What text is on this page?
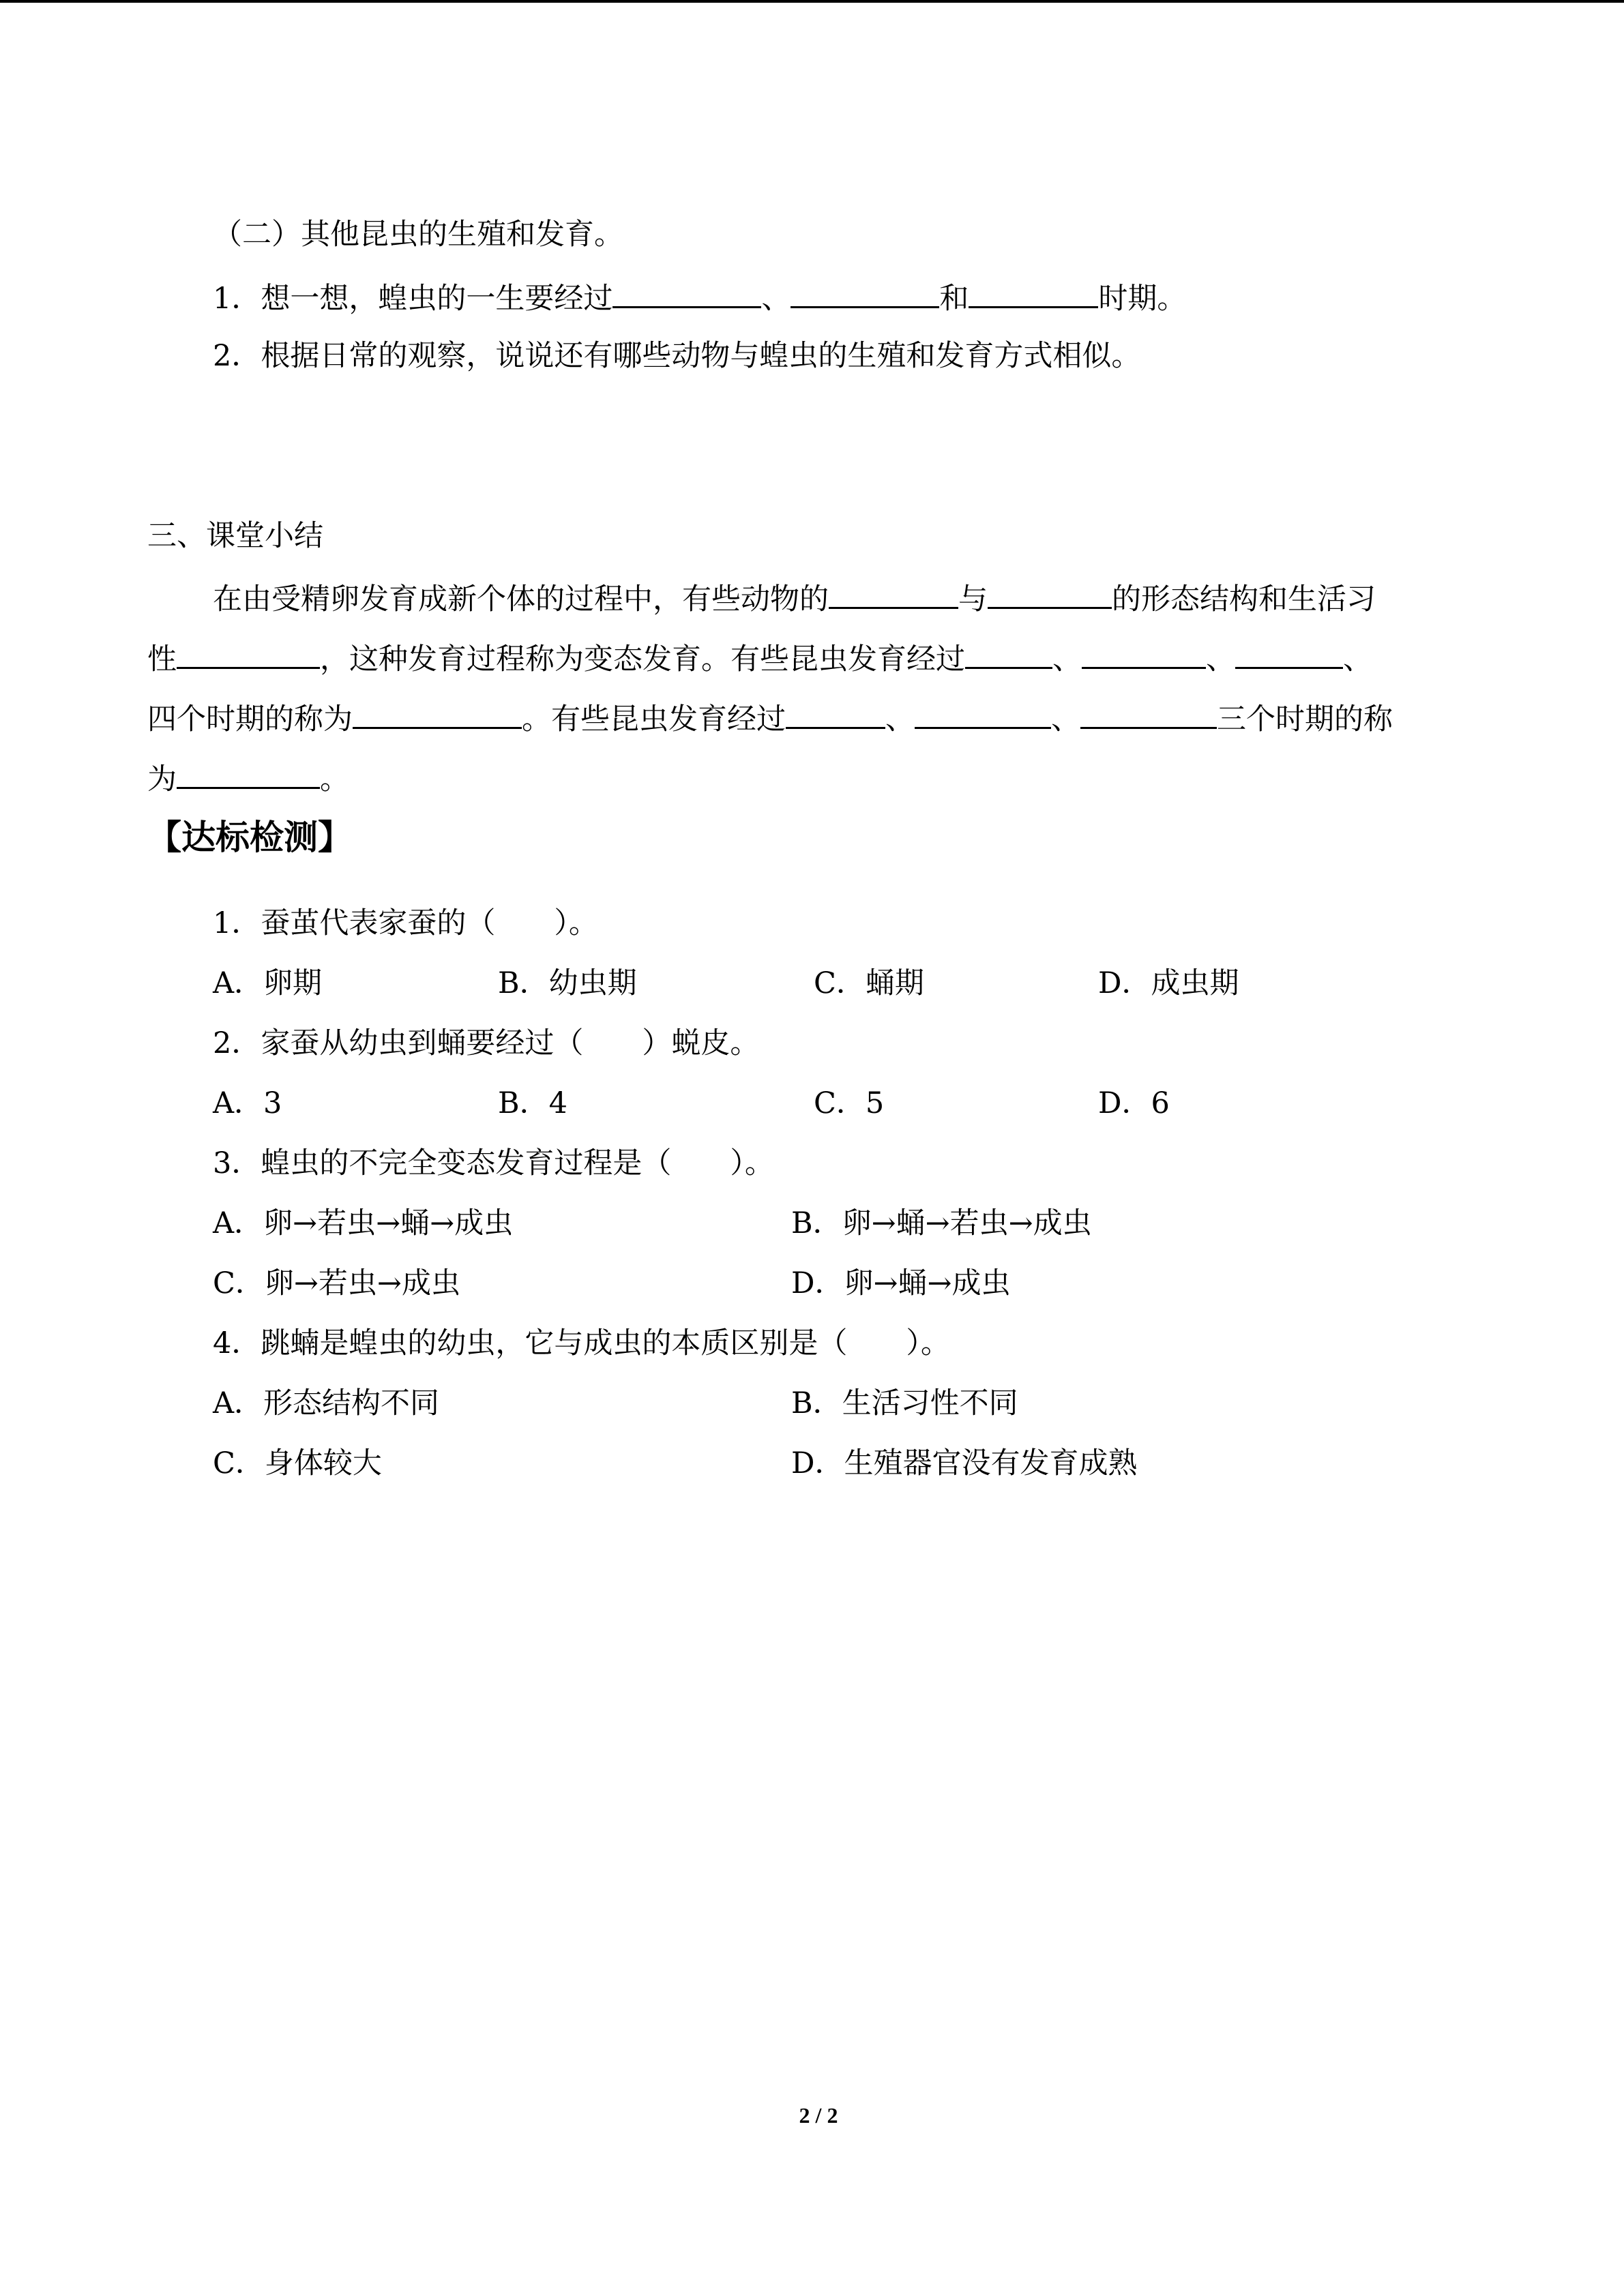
（二）其他昆虫的生殖和发育。
1．想一想，蝗虫的一生要经过	、	和	时期。
2．根据日常的观察，说说还有哪些动物与蝗虫的生殖和发育方式相似。
三、课堂小结
在由受精卵发育成新个体的过程中，有些动物的	与	的形态结构和生活习
性	，这种发育过程称为变态发育。有些昆虫发育经过	、	、	、
四个时期的称为	。有些昆虫发育经过	、	、	三个时期的称
为	。
【达标检测】
1．蚕茧代表家蚕的（　　）。
A．卵期	B．幼虫期	C．蛹期	D．成虫期
2．家蚕从幼虫到蛹要经过（　　）蜕皮。
A．3	B．4	C．5	D．6
3．蝗虫的不完全变态发育过程是（　　）。
A．卵→若虫→蛹→成虫	B．卵→蛹→若虫→成虫
C．卵→若虫→成虫	D．卵→蛹→成虫
4．跳蝻是蝗虫的幼虫，它与成虫的本质区别是（　　）。
A．形态结构不同	B．生活习性不同
C．身体较大	D．生殖器官没有发育成熟
2 / 2
